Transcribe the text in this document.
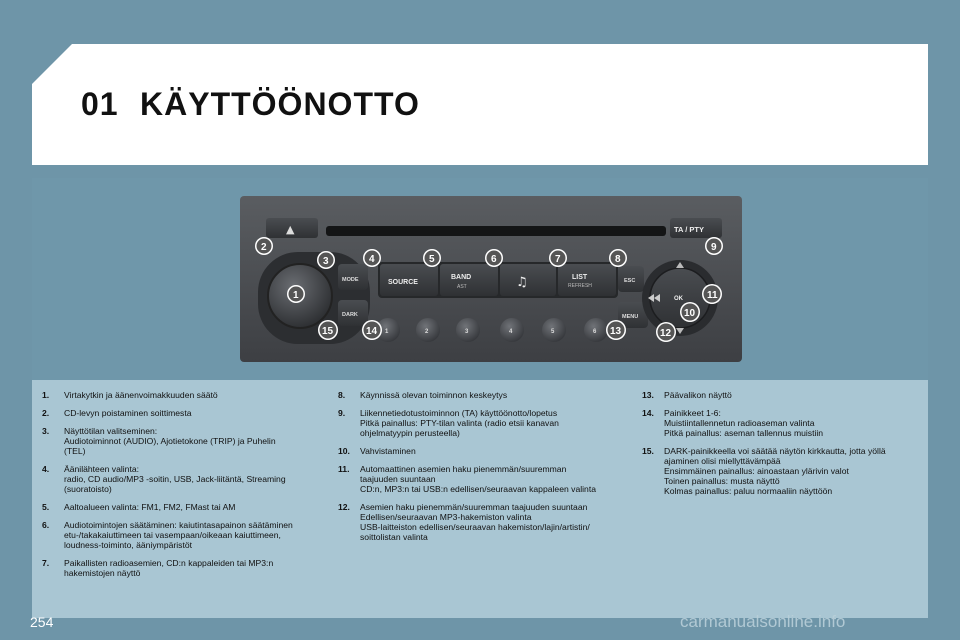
01 KÄYTTÖÖNOTTO
▲	TA / PTY
MODE
DARK
SOURCE
BAND
AST	♫	LIST
REFRESH
ESC
MENU
OK
1	2	3	4	5	6
1
2
3	4	5	6	7	8
9
10
11
12
13
14
15
1. Virtakytkin ja äänenvoimakkuuden säätö
2. CD-levyn poistaminen soittimesta
3. Näyttötilan valitseminen:
Audiotoiminnot (AUDIO), Ajotietokone (TRIP) ja Puhelin
(TEL)
4. Äänilähteen valinta:
radio, CD audio/MP3 -soitin, USB, Jack-liitäntä, Streaming
(suoratoisto)
5. Aaltoalueen valinta: FM1, FM2, FMast tai AM
6. Audiotoimintojen säätäminen: kaiutintasapainon säätäminen
etu-/takakaiuttimeen tai vasempaan/oikeaan kaiuttimeen,
loudness-toiminto, ääniympäristöt
7. Paikallisten radioasemien, CD:n kappaleiden tai MP3:n
hakemistojen näyttö
8. Käynnissä olevan toiminnon keskeytys
9. Liikennetiedotustoiminnon (TA) käyttöönotto/lopetus
Pitkä painallus: PTY-tilan valinta (radio etsii kanavan
ohjelmatyypin perusteella)
10. Vahvistaminen
11. Automaattinen asemien haku pienemmän/suuremman
taajuuden suuntaan
CD:n, MP3:n tai USB:n edellisen/seuraavan kappaleen valinta
12. Asemien haku pienemmän/suuremman taajuuden suuntaan
Edellisen/seuraavan MP3-hakemiston valinta
USB-laitteiston edellisen/seuraavan hakemiston/lajin/artistin/
soittolistan valinta
13. Päävalikon näyttö
14. Painikkeet 1-6:
Muistiintallennetun radioaseman valinta
Pitkä painallus: aseman tallennus muistiin
15. DARK-painikkeella voi säätää näytön kirkkautta, jotta yöllä
ajaminen olisi miellyttävämpää
Ensimmäinen painallus: ainoastaan ylärivin valot
Toinen painallus: musta näyttö
Kolmas painallus: paluu normaaliin näyttöön
254	carmanualsonline.info
